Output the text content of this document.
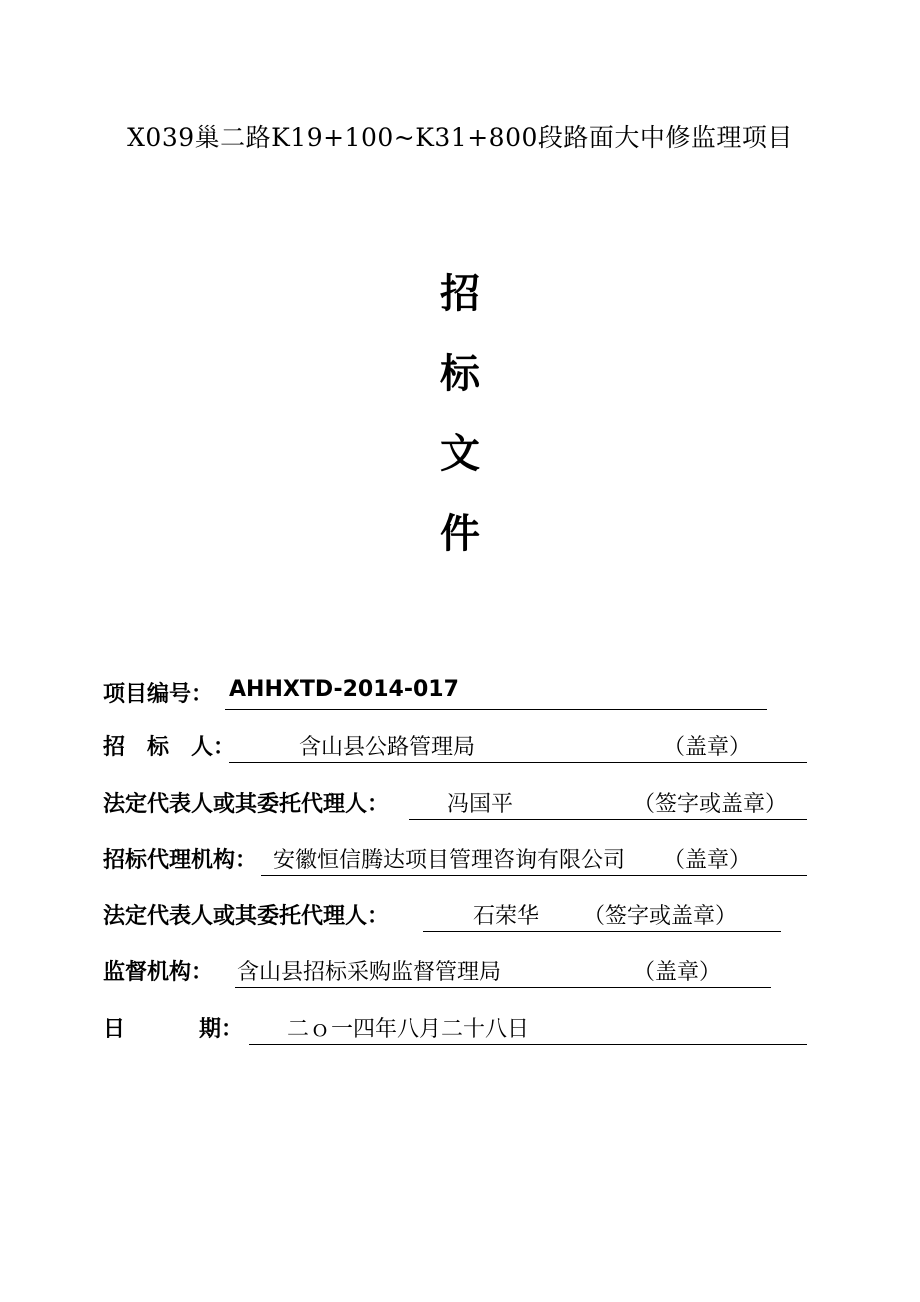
X039巢二路K19+100~K31+800段路面大中修监理项目
招
标
文
件
项目编号： AHHXTD-2014-017
招　标　人：	含山县公路管理局	（盖章）
法定代表人或其委托代理人：	冯国平	（签字或盖章）
招标代理机构： 安徽恒信腾达项目管理咨询有限公司 （盖章）
法定代表人或其委托代理人：	石荣华 （签字或盖章）
监督机构： 含山县招标采购监督管理局	（盖章）
日	期： 二ｏ一四年八月二十八日
